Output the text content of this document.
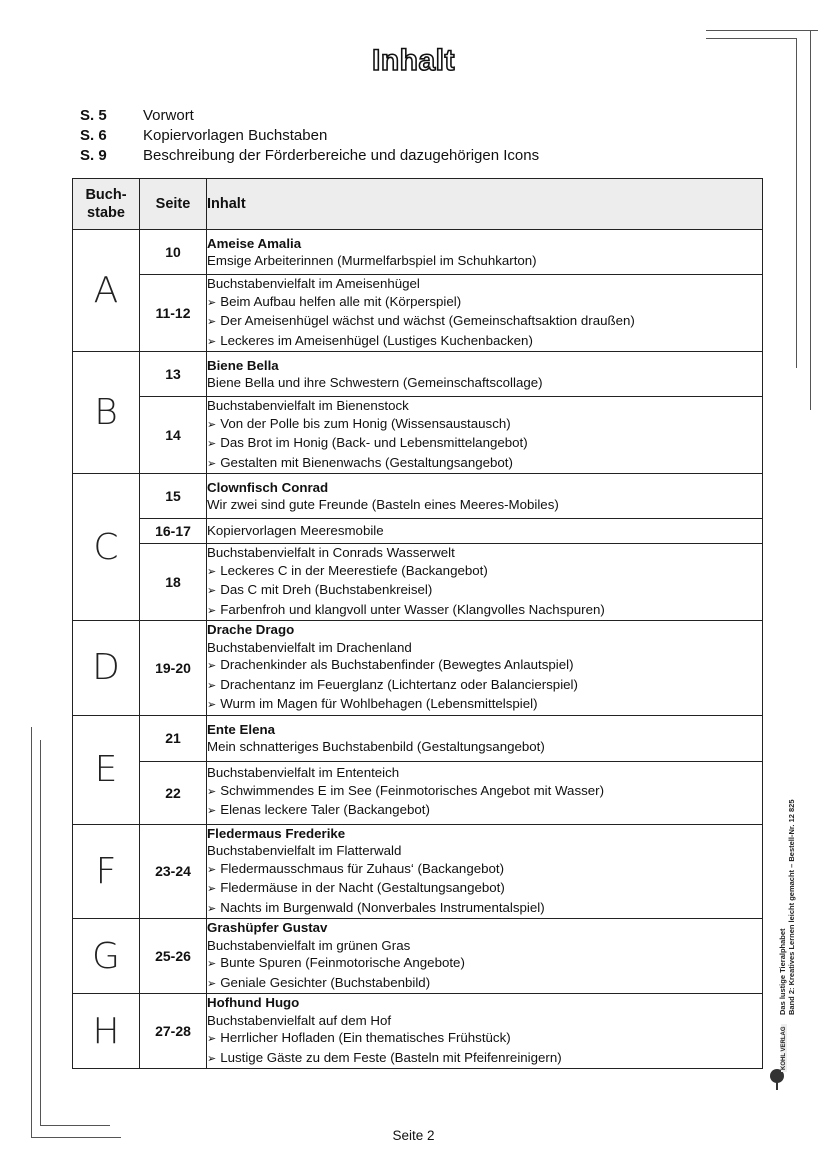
Inhalt
S. 5 Vorwort
S. 6 Kopiervorlagen Buchstaben
S. 9 Beschreibung der Förderbereiche und dazugehörigen Icons
Buch-
stabe	Seite	Inhalt
A	10	Ameise Amalia
Emsige Arbeiterinnen (Murmelfarbspiel im Schuhkarton)

	11-12	Buchstabenvielfalt im Ameisenhügel
➢ Beim Aufbau helfen alle mit (Körperspiel)
➢ Der Ameisenhügel wächst und wächst (Gemeinschaftsaktion draußen)
➢ Leckeres im Ameisenhügel (Lustiges Kuchenbacken)

B	13	Biene Bella
Biene Bella und ihre Schwestern (Gemeinschaftscollage)

	14	Buchstabenvielfalt im Bienenstock
➢ Von der Polle bis zum Honig (Wissensaustausch)
➢ Das Brot im Honig (Back- und Lebensmittelangebot)
➢ Gestalten mit Bienenwachs (Gestaltungsangebot)

C	15	Clownfisch Conrad
Wir zwei sind gute Freunde (Basteln eines Meeres-Mobiles)

	16-17	Kopiervorlagen Meeresmobile

	18	Buchstabenvielfalt in Conrads Wasserwelt
➢ Leckeres C in der Meerestiefe (Backangebot)
➢ Das C mit Dreh (Buchstabenkreisel)
➢ Farbenfroh und klangvoll unter Wasser (Klangvolles Nachspuren)

D	19-20	Drache Drago
Buchstabenvielfalt im Drachenland
➢ Drachenkinder als Buchstabenfinder (Bewegtes Anlautspiel)
➢ Drachentanz im Feuerglanz (Lichtertanz oder Balancierspiel)
➢ Wurm im Magen für Wohlbehagen (Lebensmittelspiel)

E	21	Ente Elena
Mein schnatteriges Buchstabenbild (Gestaltungsangebot)

	22	Buchstabenvielfalt im Ententeich
➢ Schwimmendes E im See (Feinmotorisches Angebot mit Wasser)
➢ Elenas leckere Taler (Backangebot)

F	23-24	Fledermaus Frederike
Buchstabenvielfalt im Flatterwald
➢ Fledermausschmaus für Zuhaus‘ (Backangebot)
➢ Fledermäuse in der Nacht (Gestaltungsangebot)
➢ Nachts im Burgenwald (Nonverbales Instrumentalspiel)

G	25-26	Grashüpfer Gustav
Buchstabenvielfalt im grünen Gras
➢ Bunte Spuren (Feinmotorische Angebote)
➢ Geniale Gesichter (Buchstabenbild)

H	27-28	Hofhund Hugo
Buchstabenvielfalt auf dem Hof
➢ Herrlicher Hofladen (Ein thematisches Frühstück)
➢ Lustige Gäste zu dem Feste (Basteln mit Pfeifenreinigern)
Das lustige Tieralphabet Band 2: Kreatives Lernen leicht gemacht – Bestell-Nr. 12 825
KOHL VERLAG
Seite 2
